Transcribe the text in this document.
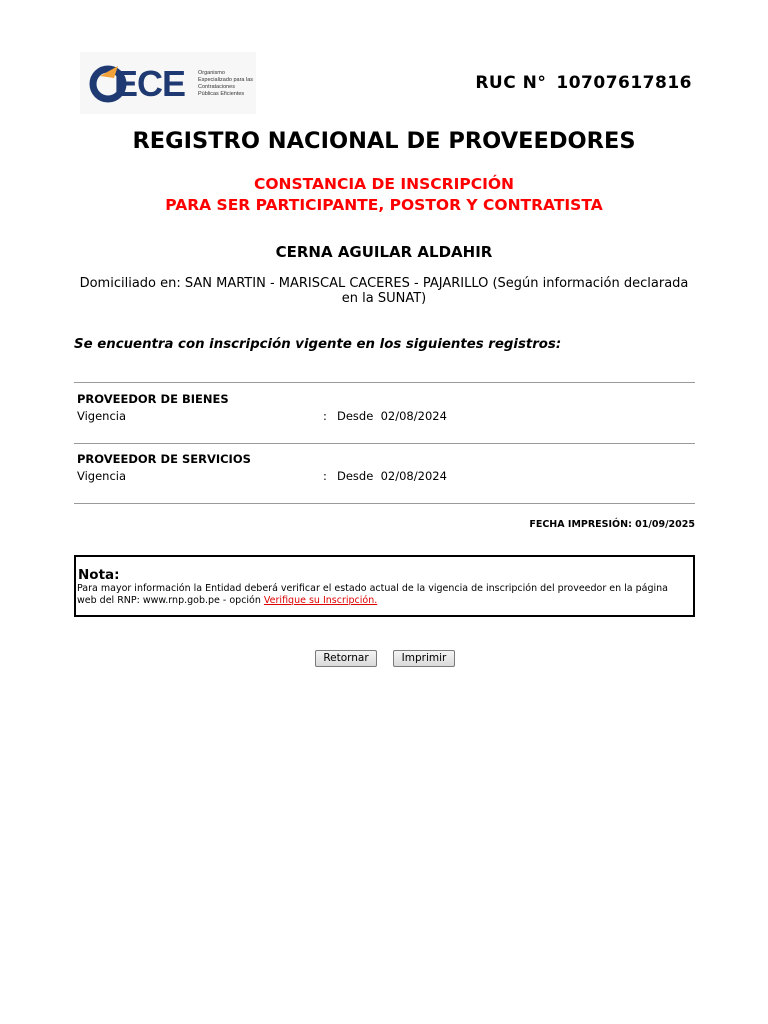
ECE Organismo Especializado para las Contrataciones Públicas Eficientes
RUC N° 10707617816
REGISTRO NACIONAL DE PROVEEDORES
CONSTANCIA DE INSCRIPCIÓN
PARA SER PARTICIPANTE, POSTOR Y CONTRATISTA
CERNA AGUILAR ALDAHIR
Domiciliado en: SAN MARTIN - MARISCAL CACERES - PAJARILLO (Según información declarada en la SUNAT)
Se encuentra con inscripción vigente en los siguientes registros:
PROVEEDOR DE BIENES
Vigencia	: Desde  02/08/2024
PROVEEDOR DE SERVICIOS
Vigencia	: Desde  02/08/2024
FECHA IMPRESIÓN: 01/09/2025
Nota:
Para mayor información la Entidad deberá verificar el estado actual de la vigencia de inscripción del proveedor en la página web del RNP: www.rnp.gob.pe - opción Verifique su Inscripción.
Retornar	Imprimir
